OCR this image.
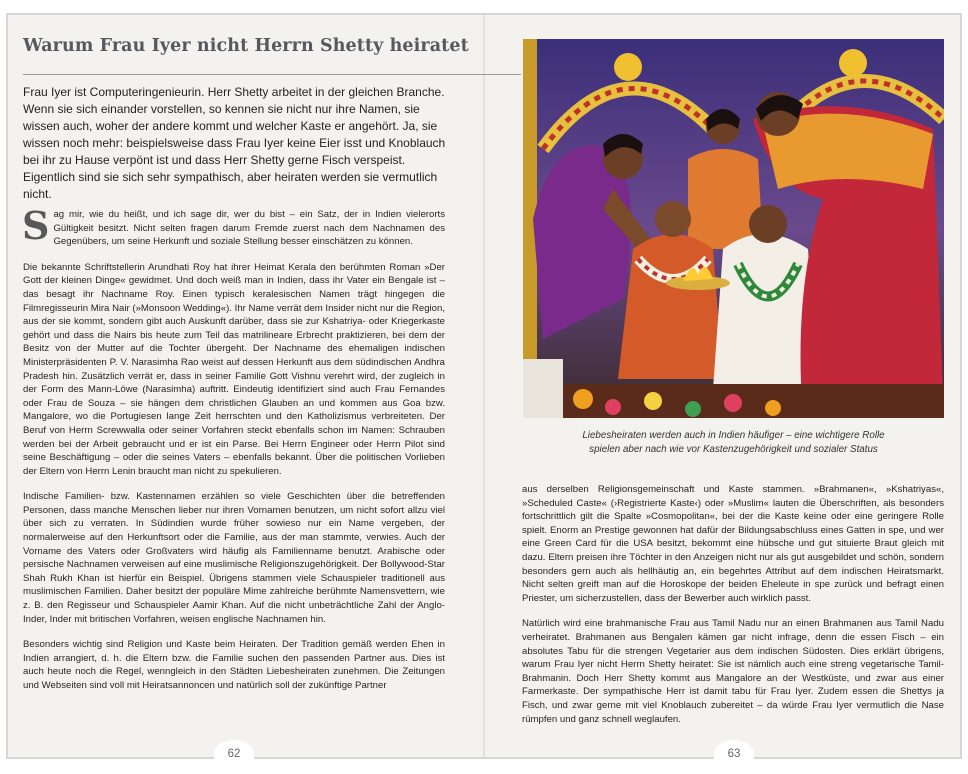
Warum Frau Iyer nicht Herrn Shetty heiratet

Frau Iyer ist Computeringenieurin. Herr Shetty arbeitet in der gleichen Branche. Wenn sie sich einander vorstellen, so kennen sie nicht nur ihre Namen, sie wissen auch, woher der andere kommt und welcher Kaste er angehört. Ja, sie wissen noch mehr: beispielsweise dass Frau Iyer keine Eier isst und Knoblauch bei ihr zu Hause verpönt ist und dass Herr Shetty gerne Fisch verspeist. Eigentlich sind sie sich sehr sympathisch, aber heiraten werden sie vermutlich nicht.

Sag mir, wie du heißt, und ich sage dir, wer du bist – ein Satz, der in Indien vielerorts Gültigkeit besitzt. Nicht selten fragen darum Fremde zuerst nach dem Nachnamen des Gegenübers, um seine Herkunft und soziale Stellung besser einschätzen zu können.

Die bekannte Schriftstellerin Arundhati Roy hat ihrer Heimat Kerala den berühmten Roman »Der Gott der kleinen Dinge« gewidmet. Und doch weiß man in Indien, dass ihr Vater ein Bengale ist – das besagt ihr Nachname Roy. Einen typisch keralesischen Namen trägt hingegen die Filmregisseurin Mira Nair (»Monsoon Wedding«). Ihr Name verrät dem Insider nicht nur die Region, aus der sie kommt, sondern gibt auch Auskunft darüber, dass sie zur Kshatriya- oder Kriegerkaste gehört und dass die Nairs bis heute zum Teil das matrilineare Erbrecht praktizieren, bei dem der Besitz von der Mutter auf die Tochter übergeht. Der Nachname des ehemaligen indischen Ministerpräsidenten P. V. Narasimha Rao weist auf dessen Herkunft aus dem südindischen Andhra Pradesh hin. Zusätzlich verrät er, dass in seiner Familie Gott Vishnu verehrt wird, der zugleich in der Form des Mann-Löwe (Narasimha) auftritt. Eindeutig identifiziert sind auch Frau Fernandes oder Frau de Souza – sie hängen dem christlichen Glauben an und kommen aus Goa bzw. Mangalore, wo die Portugiesen lange Zeit herrschten und den Katholizismus verbreiteten. Der Beruf von Herrn Screwwalla oder seiner Vorfahren steckt ebenfalls schon im Namen: Schrauben werden bei der Arbeit gebraucht und er ist ein Parse. Bei Herrn Engineer oder Herrn Pilot sind seine Beschäftigung – oder die seines Vaters – ebenfalls bekannt. Über die politischen Vorlieben der Eltern von Herrn Lenin braucht man nicht zu spekulieren.

Indische Familien- bzw. Kastennamen erzählen so viele Geschichten über die betreffenden Personen, dass manche Menschen lieber nur ihren Vornamen benutzen, um nicht sofort allzu viel über sich zu verraten. In Südindien wurde früher sowieso nur ein Name vergeben, der normalerweise auf den Herkunftsort oder die Familie, aus der man stammte, verwies. Auch der Vorname des Vaters oder Großvaters wird häufig als Familienname benutzt. Arabische oder persische Nachnamen verweisen auf eine muslimische Religionszugehörigkeit. Der Bollywood-Star Shah Rukh Khan ist hierfür ein Beispiel. Übrigens stammen viele Schauspieler traditionell aus muslimischen Familien. Daher besitzt der populäre Mime zahlreiche berühmte Namensvettern, wie z. B. den Regisseur und Schauspieler Aamir Khan. Auf die nicht unbeträchtliche Zahl der Anglo-Inder, Inder mit britischen Vorfahren, weisen englische Nachnamen hin.

Besonders wichtig sind Religion und Kaste beim Heiraten. Der Tradition gemäß werden Ehen in Indien arrangiert, d. h. die Eltern bzw. die Familie suchen den passenden Partner aus. Dies ist auch heute noch die Regel, wenngleich in den Städten Liebesheiraten zunehmen. Die Zeitungen und Webseiten sind voll mit Heiratsannoncen und natürlich soll der zukünftige Partner

Liebesheiraten werden auch in Indien häufiger – eine wichtigere Rolle
spielen aber nach wie vor Kastenzugehörigkeit und sozialer Status

aus derselben Religionsgemeinschaft und Kaste stammen. »Brahmanen«, »Kshatriyas«, »Scheduled Caste« (›Registrierte Kaste‹) oder »Muslim« lauten die Überschriften, als besonders fortschrittlich gilt die Spalte »Cosmopolitan«, bei der die Kaste keine oder eine geringere Rolle spielt. Enorm an Prestige gewonnen hat dafür der Bildungsabschluss eines Gatten in spe, und wer eine Green Card für die USA besitzt, bekommt eine hübsche und gut situierte Braut gleich mit dazu. Eltern preisen ihre Töchter in den Anzeigen nicht nur als gut ausgebildet und schön, sondern besonders gern auch als hellhäutig an, ein begehrtes Attribut auf dem indischen Heiratsmarkt. Nicht selten greift man auf die Horoskope der beiden Eheleute in spe zurück und befragt einen Priester, um sicherzustellen, dass der Bewerber auch wirklich passt.

Natürlich wird eine brahmanische Frau aus Tamil Nadu nur an einen Brahmanen aus Tamil Nadu verheiratet. Brahmanen aus Bengalen kämen gar nicht infrage, denn die essen Fisch – ein absolutes Tabu für die strengen Vegetarier aus dem indischen Südosten. Dies erklärt übrigens, warum Frau Iyer nicht Herrn Shetty heiratet: Sie ist nämlich auch eine streng vegetarische Tamil-Brahmanin. Doch Herr Shetty kommt aus Mangalore an der Westküste, und zwar aus einer Farmerkaste. Der sympathische Herr ist damit tabu für Frau Iyer. Zudem essen die Shettys ja Fisch, und zwar gerne mit viel Knoblauch zubereitet – da würde Frau Iyer vermutlich die Nase rümpfen und ganz schnell weglaufen.

62	63
